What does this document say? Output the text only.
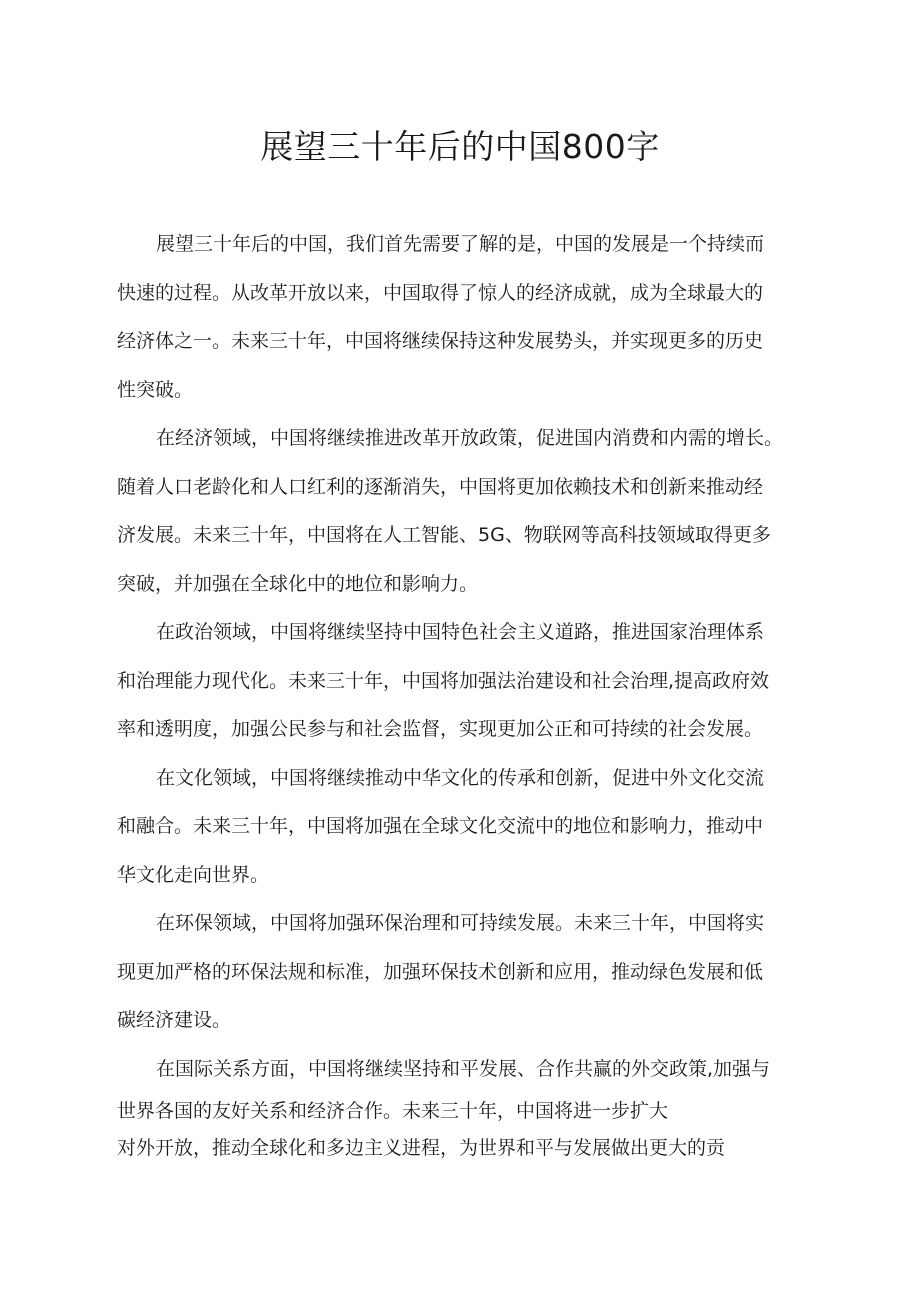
展望三十年后的中国800字

展望三十年后的中国，我们首先需要了解的是，中国的发展是一个持续而
快速的过程。从改革开放以来，中国取得了惊人的经济成就，成为全球最大的
经济体之一。未来三十年，中国将继续保持这种发展势头，并实现更多的历史
性突破。

在经济领域，中国将继续推进改革开放政策，促进国内消费和内需的增长。
随着人口老龄化和人口红利的逐渐消失，中国将更加依赖技术和创新来推动经
济发展。未来三十年，中国将在人工智能、5G、物联网等高科技领域取得更多
突破，并加强在全球化中的地位和影响力。

在政治领域，中国将继续坚持中国特色社会主义道路，推进国家治理体系
和治理能力现代化。未来三十年，中国将加强法治建设和社会治理,提高政府效
率和透明度，加强公民参与和社会监督，实现更加公正和可持续的社会发展。

在文化领域，中国将继续推动中华文化的传承和创新，促进中外文化交流
和融合。未来三十年，中国将加强在全球文化交流中的地位和影响力，推动中
华文化走向世界。

在环保领域，中国将加强环保治理和可持续发展。未来三十年，中国将实
现更加严格的环保法规和标准，加强环保技术创新和应用，推动绿色发展和低
碳经济建设。

在国际关系方面，中国将继续坚持和平发展、合作共赢的外交政策,加强与
世界各国的友好关系和经济合作。未来三十年，中国将进一步扩大
对外开放，推动全球化和多边主义进程，为世界和平与发展做出更大的贡
